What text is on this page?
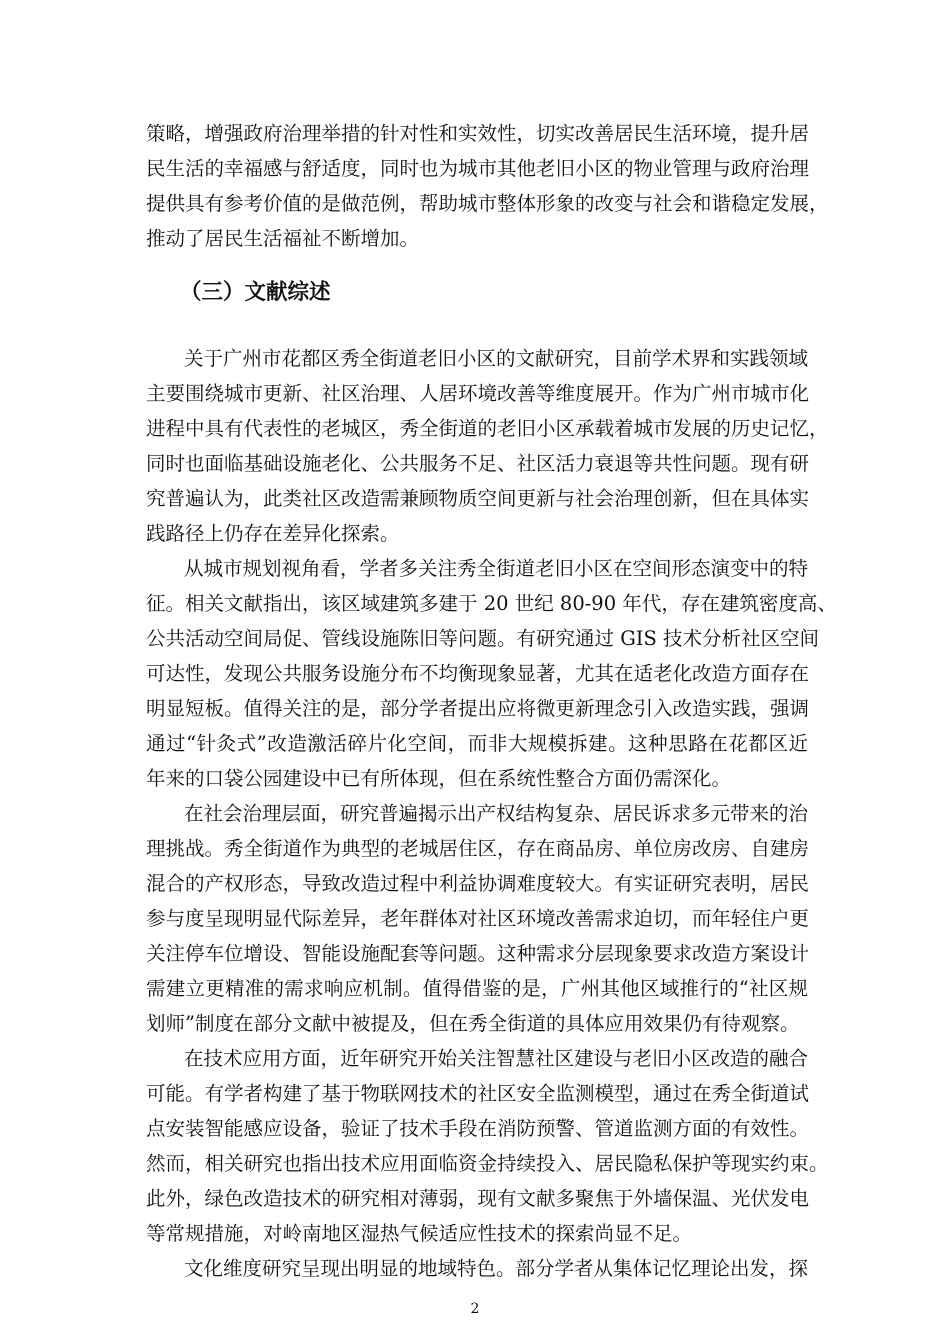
策略，增强政府治理举措的针对性和实效性，切实改善居民生活环境，提升居
民生活的幸福感与舒适度，同时也为城市其他老旧小区的物业管理与政府治理
提供具有参考价值的是做范例，帮助城市整体形象的改变与社会和谐稳定发展，
推动了居民生活福祉不断增加。
（三）文献综述
关于广州市花都区秀全街道老旧小区的文献研究，目前学术界和实践领域
主要围绕城市更新、社区治理、人居环境改善等维度展开。作为广州市城市化
进程中具有代表性的老城区，秀全街道的老旧小区承载着城市发展的历史记忆，
同时也面临基础设施老化、公共服务不足、社区活力衰退等共性问题。现有研
究普遍认为，此类社区改造需兼顾物质空间更新与社会治理创新，但在具体实
践路径上仍存在差异化探索。
从城市规划视角看，学者多关注秀全街道老旧小区在空间形态演变中的特
征。相关文献指出，该区域建筑多建于 20 世纪 80-90 年代，存在建筑密度高、
公共活动空间局促、管线设施陈旧等问题。有研究通过 GIS 技术分析社区空间
可达性，发现公共服务设施分布不均衡现象显著，尤其在适老化改造方面存在
明显短板。值得关注的是，部分学者提出应将微更新理念引入改造实践，强调
通过“针灸式”改造激活碎片化空间，而非大规模拆建。这种思路在花都区近
年来的口袋公园建设中已有所体现，但在系统性整合方面仍需深化。
在社会治理层面，研究普遍揭示出产权结构复杂、居民诉求多元带来的治
理挑战。秀全街道作为典型的老城居住区，存在商品房、单位房改房、自建房
混合的产权形态，导致改造过程中利益协调难度较大。有实证研究表明，居民
参与度呈现明显代际差异，老年群体对社区环境改善需求迫切，而年轻住户更
关注停车位增设、智能设施配套等问题。这种需求分层现象要求改造方案设计
需建立更精准的需求响应机制。值得借鉴的是，广州其他区域推行的“社区规
划师”制度在部分文献中被提及，但在秀全街道的具体应用效果仍有待观察。
在技术应用方面，近年研究开始关注智慧社区建设与老旧小区改造的融合
可能。有学者构建了基于物联网技术的社区安全监测模型，通过在秀全街道试
点安装智能感应设备，验证了技术手段在消防预警、管道监测方面的有效性。
然而，相关研究也指出技术应用面临资金持续投入、居民隐私保护等现实约束。
此外，绿色改造技术的研究相对薄弱，现有文献多聚焦于外墙保温、光伏发电
等常规措施，对岭南地区湿热气候适应性技术的探索尚显不足。
文化维度研究呈现出明显的地域特色。部分学者从集体记忆理论出发，探
2
